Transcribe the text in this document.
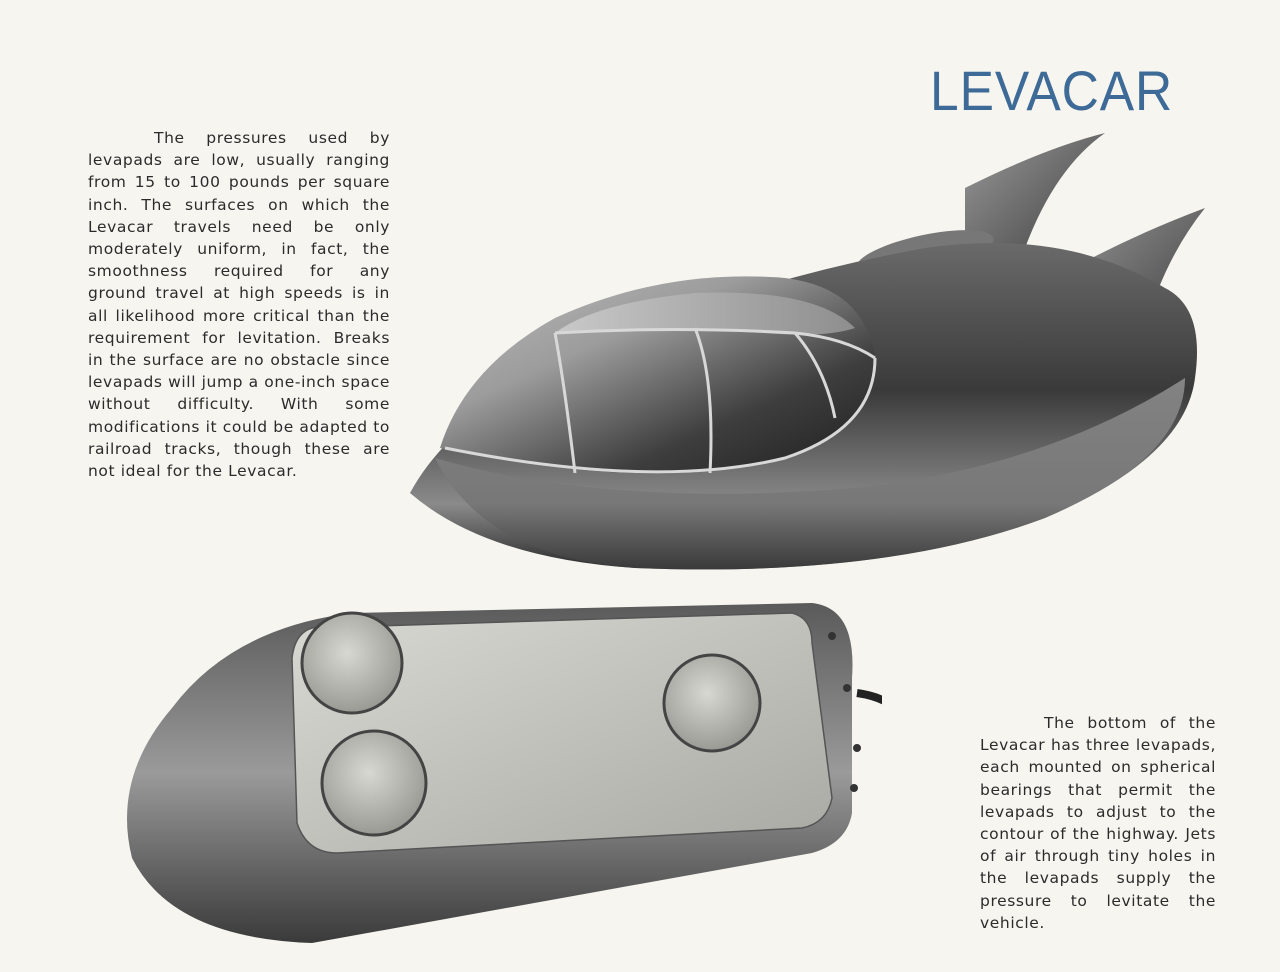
LEVACAR

The pressures used by levapads are low, usually ranging from 15 to 100 pounds per square inch. The surfaces on which the Levacar travels need be only moderately uniform, in fact, the smoothness required for any ground travel at high speeds is in all likelihood more critical than the requirement for levitation. Breaks in the surface are no obstacle since levapads will jump a one-inch space without difficulty. With some modifications it could be adapted to railroad tracks, though these are not ideal for the Levacar.

The bottom of the Levacar has three levapads, each mounted on spherical bearings that permit the levapads to adjust to the contour of the highway. Jets of air through tiny holes in the levapads supply the pressure to levitate the vehicle.
